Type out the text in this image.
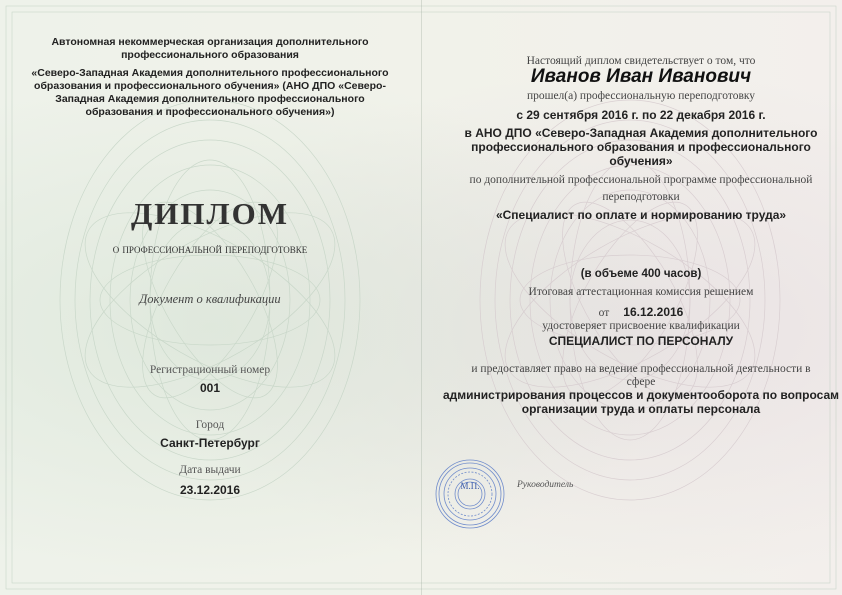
Автономная некоммерческая организация дополнительного профессионального образования
«Северо-Западная Академия дополнительного профессионального образования и профессионального обучения» (АНО ДПО «Северо-Западная Академия дополнительного профессионального образования и профессионального обучения»)
ДИПЛОМ
о профессиональной переподготовке
Документ о квалификации
Регистрационный номер
001
Город
Санкт-Петербург
Дата выдачи
23.12.2016
Настоящий диплом свидетельствует о том, что
Иванов Иван Иванович
прошел(а) профессиональную переподготовку
с 29 сентября 2016 г. по 22 декабря 2016 г.
в АНО ДПО «Северо-Западная Академия дополнительного профессионального образования и профессионального обучения»
по дополнительной профессиональной программе профессиональной переподготовки
«Специалист по оплате и нормированию труда»
(в объеме 400 часов)
Итоговая аттестационная комиссия решением
от 16.12.2016
удостоверяет присвоение квалификации
СПЕЦИАЛИСТ ПО ПЕРСОНАЛУ
и предоставляет право на ведение профессиональной деятельности в сфере
администрирования процессов и документооборота по вопросам организации труда и оплаты персонала
М.П.	Руководитель
